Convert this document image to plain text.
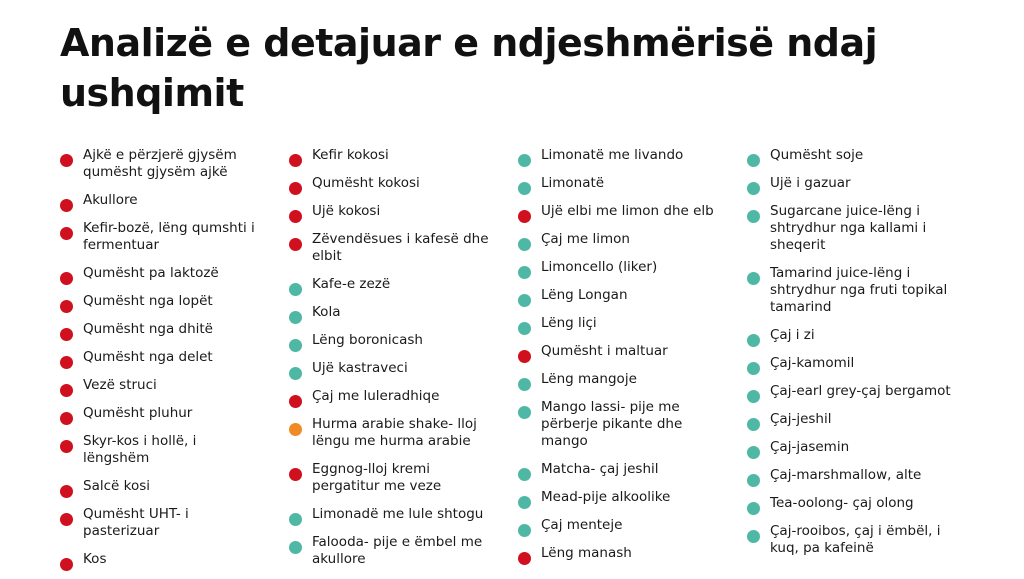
Analizë e detajuar e ndjeshmërisë ndaj ushqimit
Ajkë e përzjerë gjysëm qumësht gjysëm ajkë
Akullore
Kefir-bozë, lëng qumshti i fermentuar
Qumësht pa laktozë
Qumësht nga lopët
Qumësht nga dhitë
Qumësht nga delet
Vezë struci
Qumësht pluhur
Skyr-kos i hollë, i lëngshëm
Salcë kosi
Qumësht UHT- i pasterizuar
Kos
Kefir kokosi
Qumësht kokosi
Ujë kokosi
Zëvendësues i kafesë dhe elbit
Kafe-e zezë
Kola
Lëng boronicash
Ujë kastraveci
Çaj me luleradhiqe
Hurma arabie shake- lloj lëngu me hurma arabie
Eggnog-lloj kremi pergatitur me veze
Limonadë me lule shtogu
Falooda- pije e ëmbel me akullore
Limonatë me livando
Limonatë
Ujë elbi me limon dhe elb
Çaj me limon
Limoncello (liker)
Lëng Longan
Lëng liçi
Qumësht i maltuar
Lëng mangoje
Mango lassi- pije me përberje pikante dhe mango
Matcha- çaj jeshil
Mead-pije alkoolike
Çaj menteje
Lëng manash
Qumësht soje
Ujë i gazuar
Sugarcane juice-lëng i shtrydhur nga kallami i sheqerit
Tamarind juice-lëng i shtrydhur nga fruti topikal tamarind
Çaj i zi
Çaj-kamomil
Çaj-earl grey-çaj bergamot
Çaj-jeshil
Çaj-jasemin
Çaj-marshmallow, alte
Tea-oolong- çaj olong
Çaj-rooibos, çaj i ëmbël, i kuq, pa kafeinë
